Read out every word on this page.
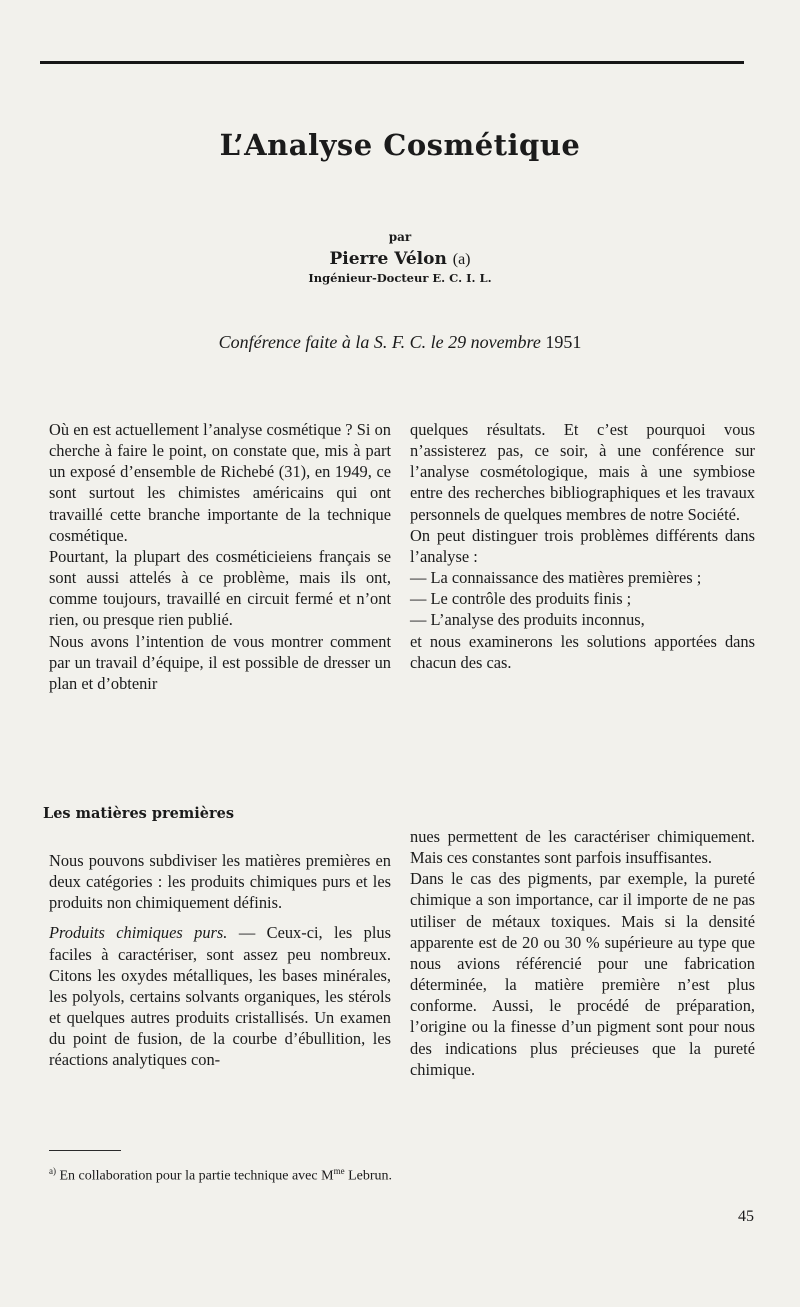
L’Analyse Cosmétique

par

Pierre Vélon (a)

Ingénieur-Docteur E. C. I. L.

Conférence faite à la S. F. C. le 29 novembre 1951

Où en est actuellement l’analyse cosmétique ? Si on cherche à faire le point, on constate que, mis à part un exposé d’ensemble de Richebé (31), en 1949, ce sont surtout les chimistes américains qui ont travaillé cette branche importante de la technique cosmétique.

Pourtant, la plupart des cosméticieiens français se sont aussi attelés à ce problème, mais ils ont, comme toujours, travaillé en circuit fermé et n’ont rien, ou presque rien publié.

Nous avons l’intention de vous montrer comment par un travail d’équipe, il est possible de dresser un plan et d’obtenir

quelques résultats. Et c’est pourquoi vous n’assisterez pas, ce soir, à une conférence sur l’analyse cosmétologique, mais à une symbiose entre des recherches bibliographiques et les travaux personnels de quelques membres de notre Société.

On peut distinguer trois problèmes différents dans l’analyse :

— La connaissance des matières premières ;

— Le contrôle des produits finis ;

— L’analyse des produits inconnus,

et nous examinerons les solutions apportées dans chacun des cas.

Les matières premières

Nous pouvons subdiviser les matières premières en deux catégories : les produits chimiques purs et les produits non chimiquement définis.

Produits chimiques purs. — Ceux-ci, les plus faciles à caractériser, sont assez peu nombreux. Citons les oxydes métalliques, les bases minérales, les polyols, certains solvants organiques, les stérols et quelques autres produits cristallisés. Un examen du point de fusion, de la courbe d’ébullition, les réactions analytiques con-

nues permettent de les caractériser chimiquement. Mais ces constantes sont parfois insuffisantes.

Dans le cas des pigments, par exemple, la pureté chimique a son importance, car il importe de ne pas utiliser de métaux toxiques. Mais si la densité apparente est de 20 ou 30 % supérieure au type que nous avions référencié pour une fabrication déterminée, la matière première n’est plus conforme. Aussi, le procédé de préparation, l’origine ou la finesse d’un pigment sont pour nous des indications plus précieuses que la pureté chimique.

$^{a)}$ En collaboration pour la partie technique avec $M^{me}$ Lebrun.

45
